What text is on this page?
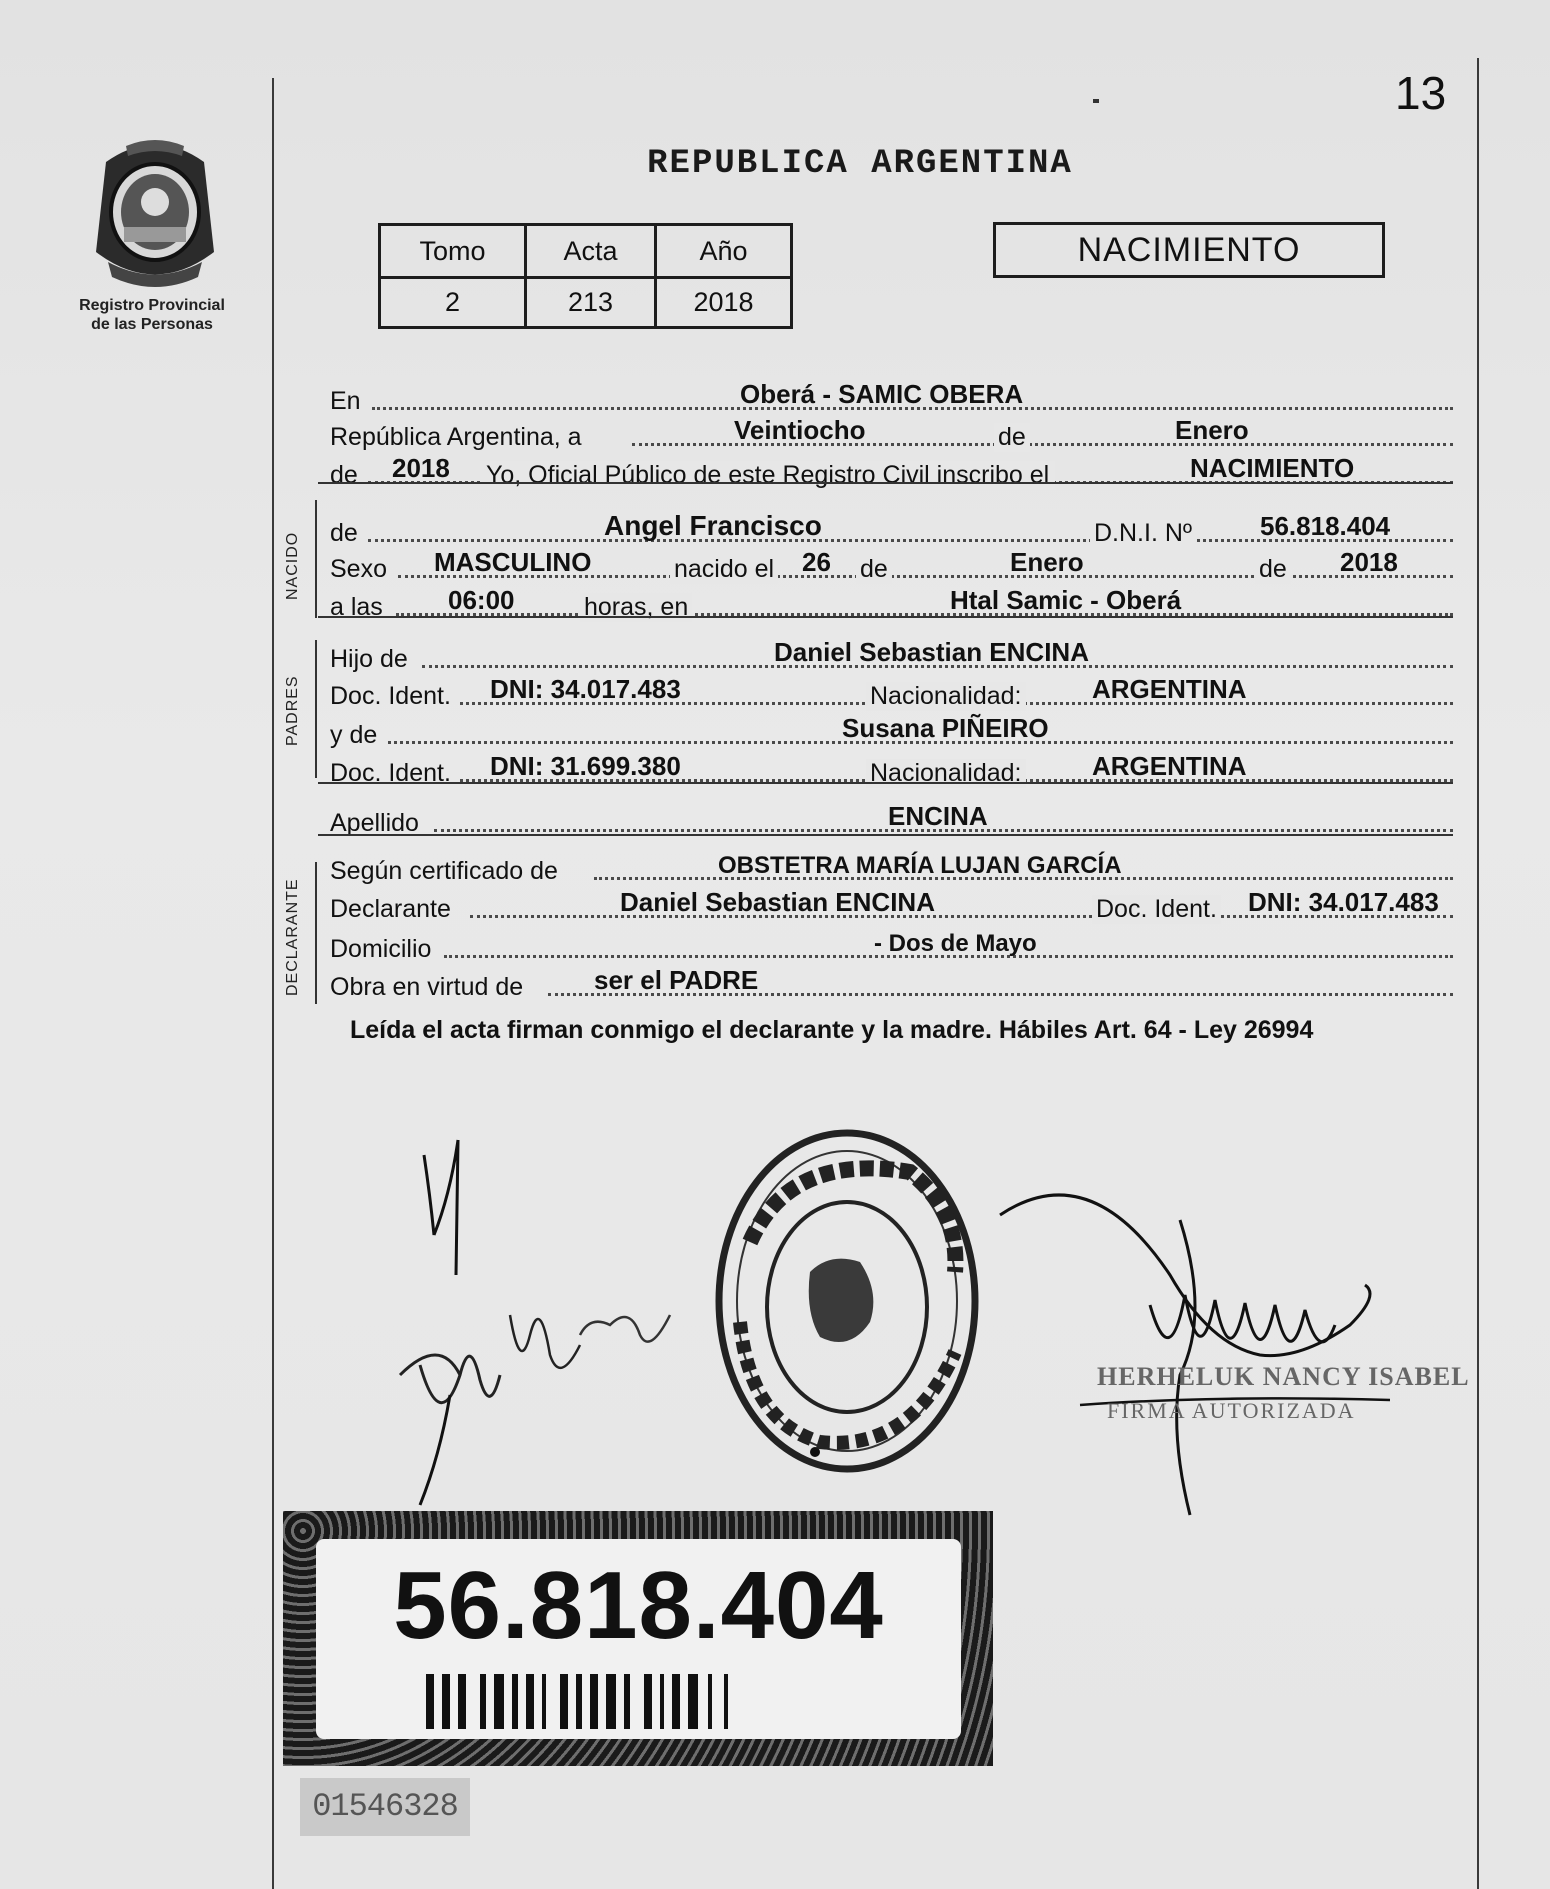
13
Registro Provincial
de las Personas
REPUBLICA ARGENTINA
Tomo	Acta	Año
2	213	2018
NACIMIENTO
En	Oberá - SAMIC OBERA
República Argentina, a	Veintiocho	de	Enero
de 2018 Yo, Oficial Público de este Registro Civil inscribo el	NACIMIENTO
NACIDO de	Angel Francisco	D.N.I. Nº	56.818.404
Sexo MASCULINO	nacido el 26 de	Enero	de 2018
a las	06:00	horas, en	Htal Samic - Oberá
PADRES
Hijo de	Daniel Sebastian ENCINA
Doc. Ident. DNI: 34.017.483	Nacionalidad:	ARGENTINA
y de	Susana PIÑEIRO
Doc. Ident. DNI: 31.699.380	Nacionalidad:	ARGENTINA
Apellido	ENCINA
DECLARANTE
Según certificado de	OBSTETRA MARÍA LUJAN GARCÍA
Declarante	Daniel Sebastian ENCINA	Doc. Ident. DNI: 34.017.483
Domicilio	- Dos de Mayo
Obra en virtud de	ser el PADRE
Leída el acta firman conmigo el declarante y la madre. Hábiles Art. 64 - Ley 26994
HERHELUK NANCY ISABEL
FIRMA AUTORIZADA
56.818.404
01546328
